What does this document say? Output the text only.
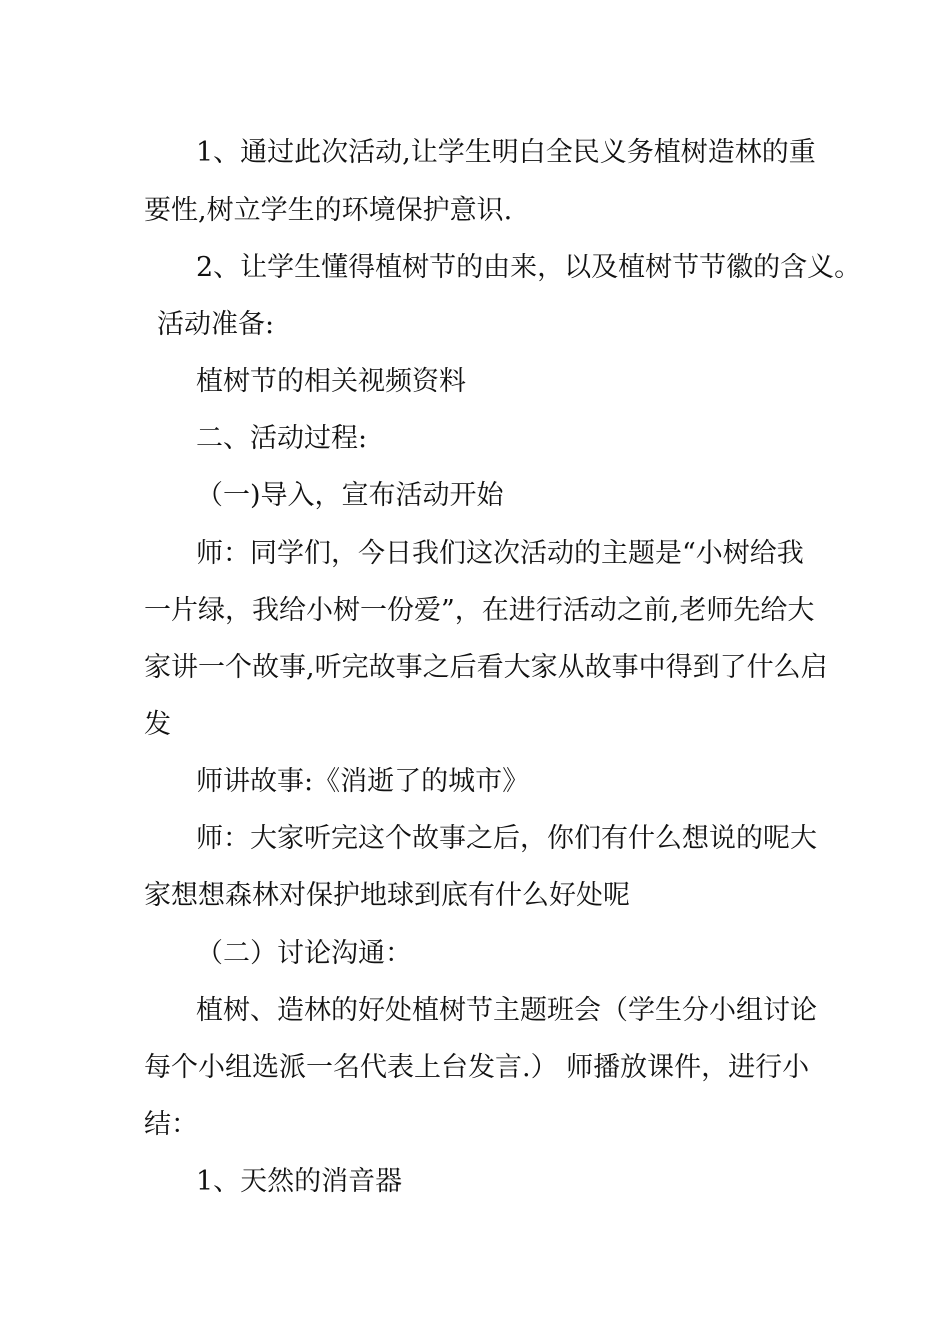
1、通过此次活动,让学生明白全民义务植树造林的重
要性,树立学生的环境保护意识.
2、让学生懂得植树节的由来，以及植树节节徽的含义。
活动准备:
植树节的相关视频资料
二、活动过程:
（一)导入，宣布活动开始
师：同学们，今日我们这次活动的主题是“小树给我
一片绿，我给小树一份爱”，在进行活动之前,老师先给大
家讲一个故事,听完故事之后看大家从故事中得到了什么启
发
师讲故事:《消逝了的城市》
师：大家听完这个故事之后，你们有什么想说的呢大
家想想森林对保护地球到底有什么好处呢
（二）讨论沟通：
植树、造林的好处植树节主题班会（学生分小组讨论
每个小组选派一名代表上台发言.） 师播放课件，进行小
结：
1、天然的消音器
